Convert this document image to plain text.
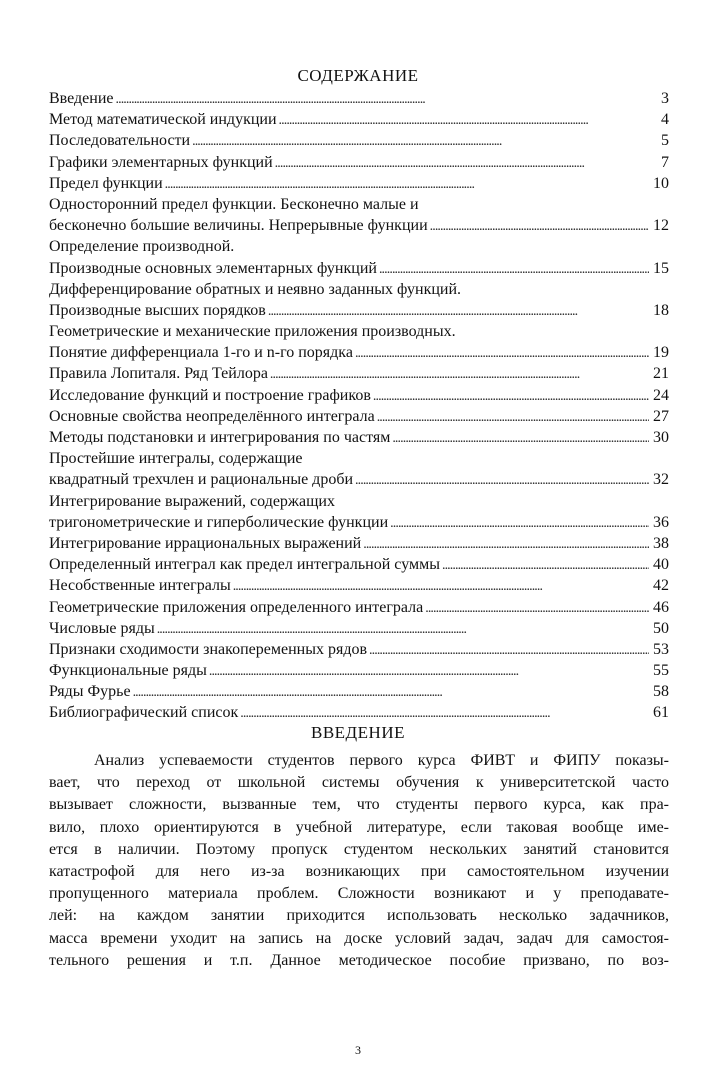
СОДЕРЖАНИЕ
Введение . . .	3
Метод математической индукции . . .	4
Последовательности . . .	5
Графики элементарных функций . . .	7
Предел функции . . .	10
Односторонний предел функции. Бесконечно малые и
бесконечно большие величины. Непрерывные функции . . .	12
Определение производной.
Производные основных элементарных функций . . .	15
Дифференцирование обратных и неявно заданных функций.
Производные высших порядков . . .	18
Геометрические и механические приложения производных.
Понятие дифференциала 1-го и n-го порядка . . .	19
Правила Лопиталя. Ряд Тейлора . . .	21
Исследование функций и построение графиков . . .	24
Основные свойства неопределённого интеграла . . .	27
Методы подстановки и интегрирования по частям . . .	30
Простейшие интегралы, содержащие
квадратный трехчлен и рациональные дроби . . .	32
Интегрирование выражений, содержащих
тригонометрические и гиперболические функции . . .	36
Интегрирование иррациональных выражений . . .	38
Определенный интеграл как предел интегральной суммы . . .	40
Несобственные интегралы . . .	42
Геометрические приложения определенного интеграла . . .	46
Числовые ряды . . .	50
Признаки сходимости знакопеременных рядов . . .	53
Функциональные ряды . . .	55
Ряды Фурье . . .	58
Библиографический список . . .	61
ВВЕДЕНИЕ
Анализ успеваемости студентов первого курса ФИВТ и ФИПУ показы-
вает, что переход от школьной системы обучения к университетской часто
вызывает сложности, вызванные тем, что студенты первого курса, как пра-
вило, плохо ориентируются в учебной литературе, если таковая вообще име-
ется в наличии. Поэтому пропуск студентом нескольких занятий становится
катастрофой для него из-за возникающих при самостоятельном изучении
пропущенного материала проблем. Сложности возникают и у преподавате-
лей: на каждом занятии приходится использовать несколько задачников,
масса времени уходит на запись на доске условий задач, задач для самостоя-
тельного решения и т.п. Данное методическое пособие призвано, по воз-
3
